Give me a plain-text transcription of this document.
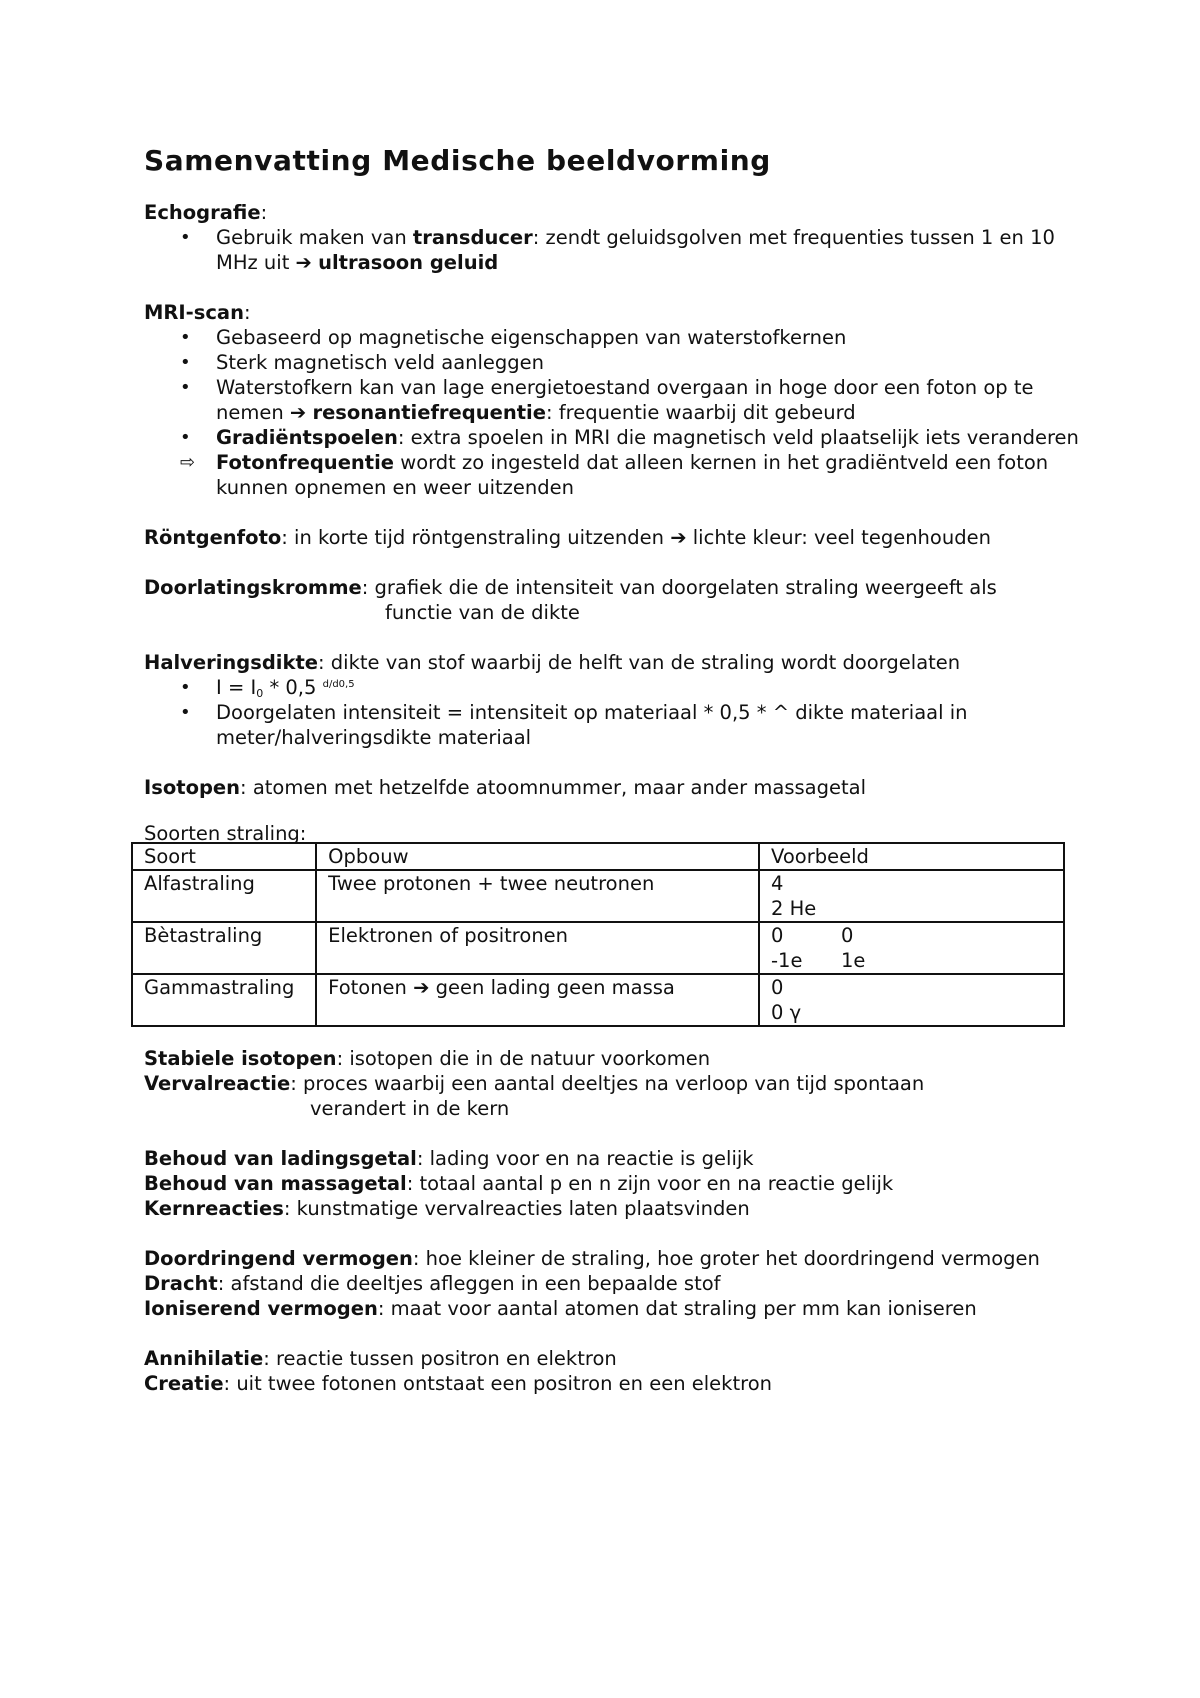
Samenvatting Medische beeldvorming
Echografie:
• Gebruik maken van transducer: zendt geluidsgolven met frequenties tussen 1 en 10
MHz uit ➔ ultrasoon geluid
MRI-scan:
• Gebaseerd op magnetische eigenschappen van waterstofkernen
• Sterk magnetisch veld aanleggen
• Waterstofkern kan van lage energietoestand overgaan in hoge door een foton op te
nemen ➔ resonantiefrequentie: frequentie waarbij dit gebeurd
• Gradiëntspoelen: extra spoelen in MRI die magnetisch veld plaatselijk iets veranderen
⇨ Fotonfrequentie wordt zo ingesteld dat alleen kernen in het gradiëntveld een foton
kunnen opnemen en weer uitzenden
Röntgenfoto: in korte tijd röntgenstraling uitzenden ➔ lichte kleur: veel tegenhouden
Doorlatingskromme: grafiek die de intensiteit van doorgelaten straling weergeeft als
functie van de dikte
Halveringsdikte: dikte van stof waarbij de helft van de straling wordt doorgelaten
• $I = I_0 * 0,5$ $^{d/d0,5}$
• Doorgelaten intensiteit = intensiteit op materiaal * 0,5 * ^ dikte materiaal in
meter/halveringsdikte materiaal
Isotopen: atomen met hetzelfde atoomnummer, maar ander massagetal
Soorten straling:
Soort	Opbouw	Voorbeeld
Alfastraling	Twee protonen + twee neutronen	4
2 He

Bètastraling	Elektronen of positronen	0 0
-1e 1e

Gammastraling	Fotonen ➔ geen lading geen massa	0
0 γ
Stabiele isotopen: isotopen die in de natuur voorkomen
Vervalreactie: proces waarbij een aantal deeltjes na verloop van tijd spontaan
verandert in de kern
Behoud van ladingsgetal: lading voor en na reactie is gelijk
Behoud van massagetal: totaal aantal p en n zijn voor en na reactie gelijk
Kernreacties: kunstmatige vervalreacties laten plaatsvinden
Doordringend vermogen: hoe kleiner de straling, hoe groter het doordringend vermogen
Dracht: afstand die deeltjes afleggen in een bepaalde stof
Ioniserend vermogen: maat voor aantal atomen dat straling per mm kan ioniseren
Annihilatie: reactie tussen positron en elektron
Creatie: uit twee fotonen ontstaat een positron en een elektron
